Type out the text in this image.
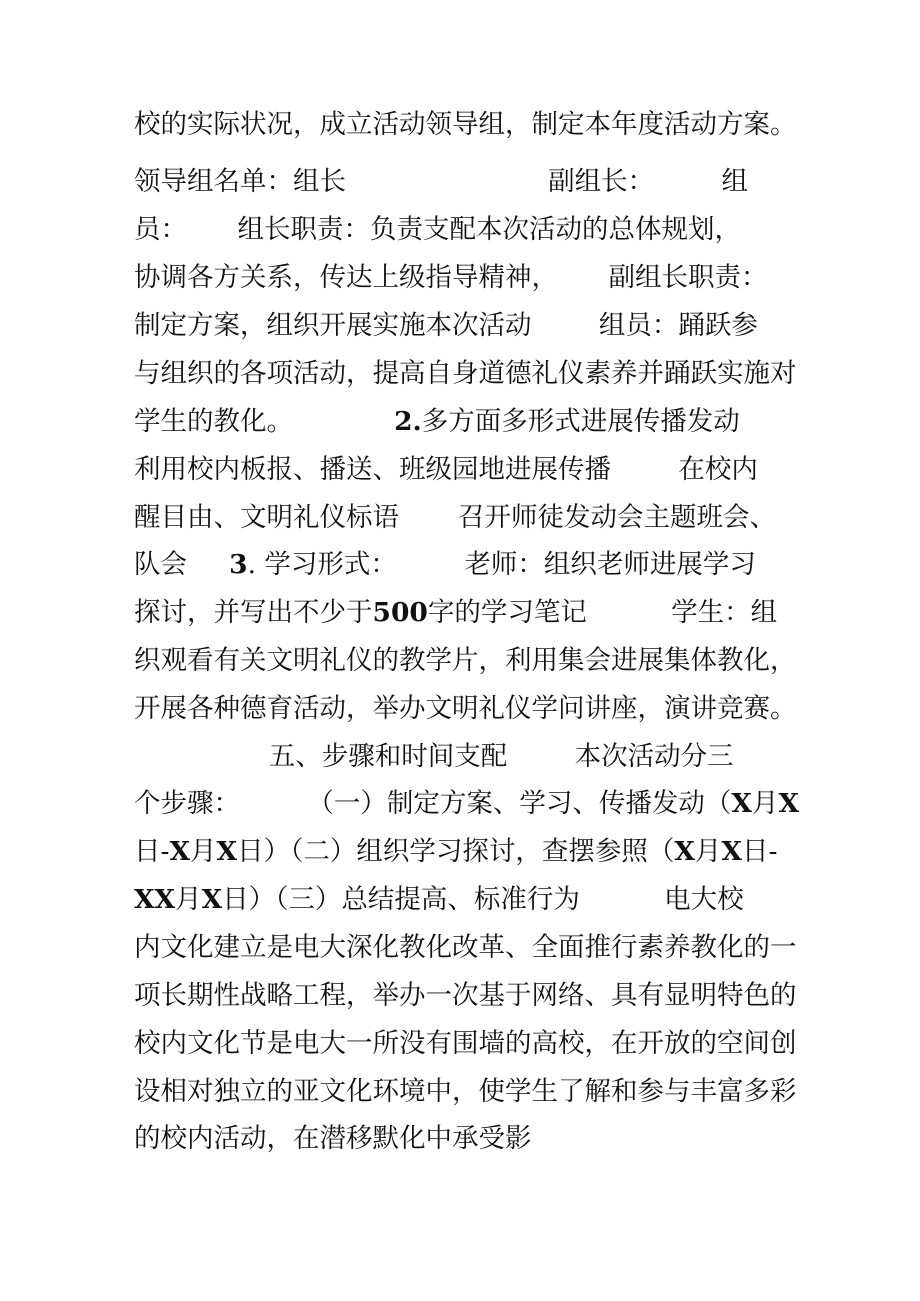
校的实际状况，成立活动领导组，制定本年度活动方案。
领导组名单：组长                        副组长：        组
员：      组长职责：负责支配本次活动的总体规划，
协调各方关系，传达上级指导精神，      副组长职责：
制定方案，组织开展实施本次活动        组员：踊跃参
与组织的各项活动，提高自身道德礼仪素养并踊跃实施对
学生的教化。            2.多方面多形式进展传播发动
利用校内板报、播送、班级园地进展传播        在校内
醒目由、文明礼仪标语       召开师徒发动会主题班会、
队会     3. 学习形式：        老师：组织老师进展学习
探讨，并写出不少于500字的学习笔记          学生：组
织观看有关文明礼仪的教学片，利用集会进展集体教化，
开展各种德育活动，举办文明礼仪学问讲座，演讲竞赛。
五、步骤和时间支配        本次活动分三
个步骤：        （一）制定方案、学习、传播发动（X月X
日-X月X日）（二）组织学习探讨，查摆参照（X月X日-
XX月X日）（三）总结提高、标准行为          电大校
内文化建立是电大深化教化改革、全面推行素养教化的一
项长期性战略工程，举办一次基于网络、具有显明特色的
校内文化节是电大一所没有围墙的高校，在开放的空间创
设相对独立的亚文化环境中，使学生了解和参与丰富多彩
的校内活动，在潜移默化中承受影
